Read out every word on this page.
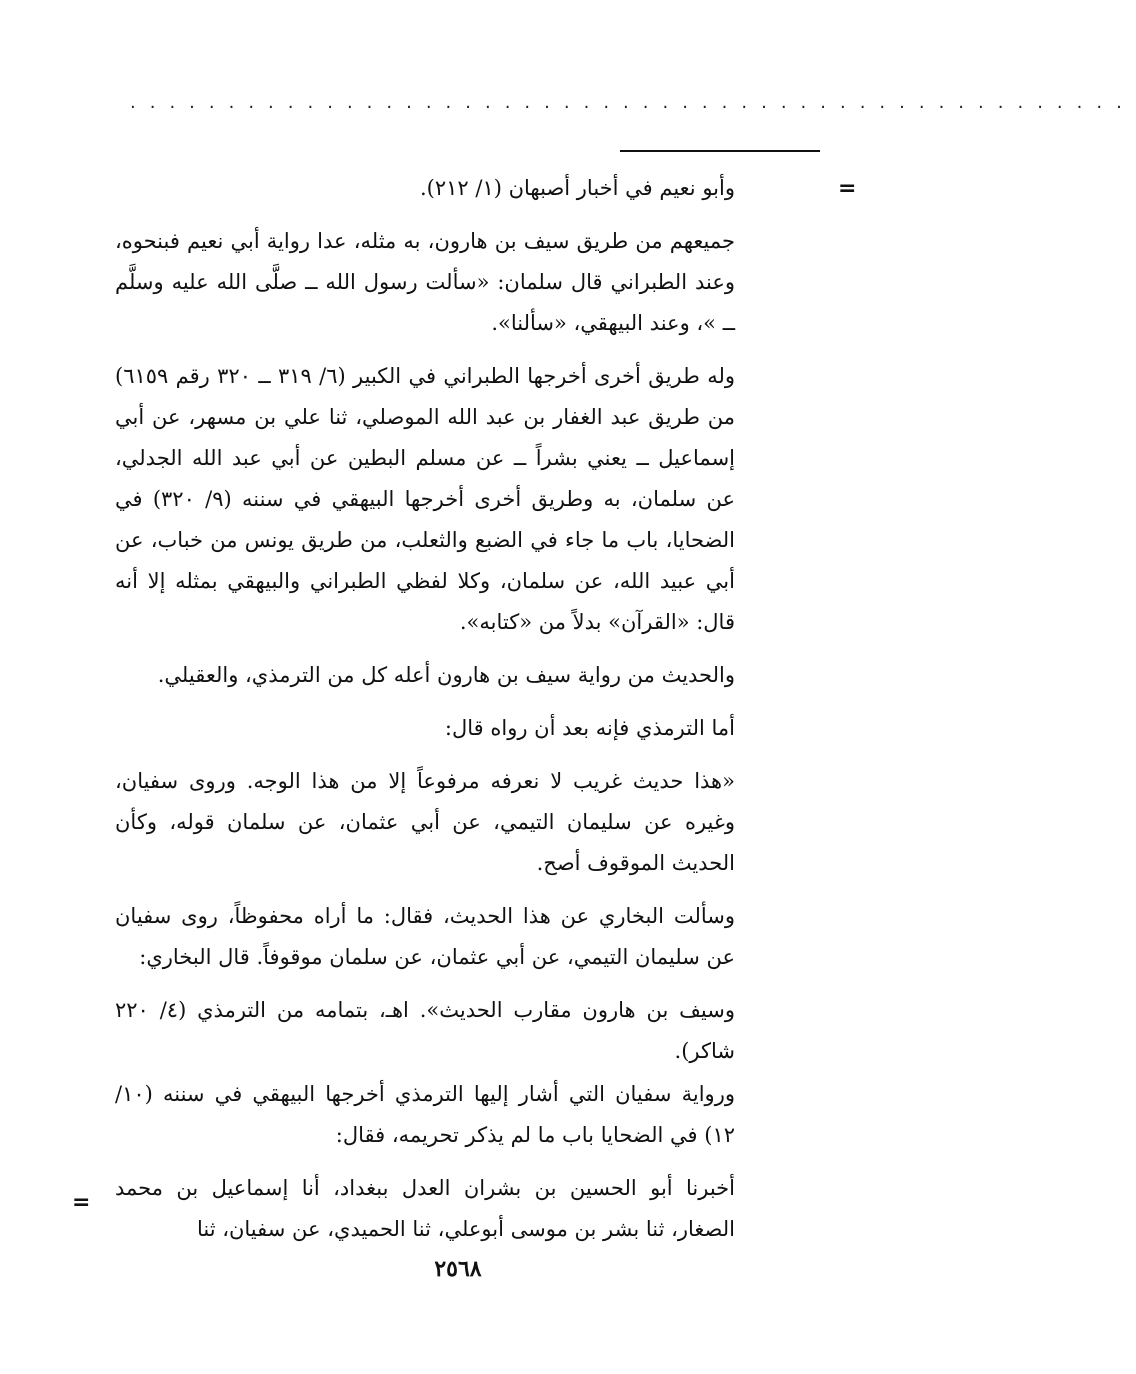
...................................................
=

وأبو نعيم في أخبار أصبهان (١/ ٢١٢).

جميعهم من طريق سيف بن هارون، به مثله، عدا رواية أبي نعيم فبنحوه، وعند الطبراني قال سلمان: «سألت رسول الله ــ صلَّى الله عليه وسلَّم ــ »، وعند البيهقي، «سألنا».

وله طريق أخرى أخرجها الطبراني في الكبير (٦/ ٣١٩ ــ ٣٢٠ رقم ٦١٥٩) من طريق عبد الغفار بن عبد الله الموصلي، ثنا علي بن مسهر، عن أبي إسماعيل ــ يعني بشراً ــ عن مسلم البطين عن أبي عبد الله الجدلي، عن سلمان، به وطريق أخرى أخرجها البيهقي في سننه (٩/ ٣٢٠) في الضحايا، باب ما جاء في الضبع والثعلب، من طريق يونس من خباب، عن أبي عبيد الله، عن سلمان، وكلا لفظي الطبراني والبيهقي بمثله إلا أنه قال: «القرآن» بدلاً من «كتابه».

والحديث من رواية سيف بن هارون أعله كل من الترمذي، والعقيلي.

أما الترمذي فإنه بعد أن رواه قال:

«هذا حديث غريب لا نعرفه مرفوعاً إلا من هذا الوجه. وروى سفيان، وغيره عن سليمان التيمي، عن أبي عثمان، عن سلمان قوله، وكأن الحديث الموقوف أصح.

وسألت البخاري عن هذا الحديث، فقال: ما أراه محفوظاً، روى سفيان عن سليمان التيمي، عن أبي عثمان، عن سلمان موقوفاً. قال البخاري:

وسيف بن هارون مقارب الحديث». اهـ، بتمامه من الترمذي (٤/ ٢٢٠ شاكر).

ورواية سفيان التي أشار إليها الترمذي أخرجها البيهقي في سننه (١٠/ ١٢) في الضحايا باب ما لم يذكر تحريمه، فقال:

أخبرنا أبو الحسين بن بشران العدل ببغداد، أنا إسماعيل بن محمد الصغار، ثنا بشر بن موسى أبوعلي، ثنا الحميدي، عن سفيان، ثنا

=
٢٥٦٨
